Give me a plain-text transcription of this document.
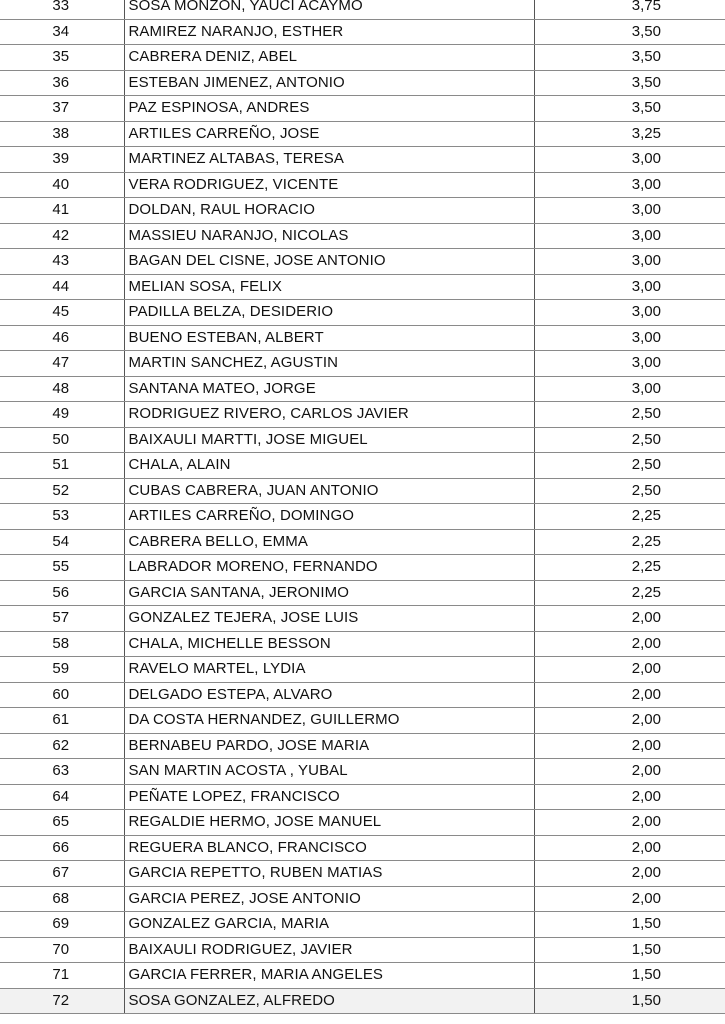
33	SOSA MONZON, YAUCI ACAYMO	3,75
34	RAMIREZ NARANJO, ESTHER	3,50
35	CABRERA DENIZ, ABEL	3,50
36	ESTEBAN JIMENEZ, ANTONIO	3,50
37	PAZ ESPINOSA, ANDRES	3,50
38	ARTILES CARREÑO, JOSE	3,25
39	MARTINEZ ALTABAS, TERESA	3,00
40	VERA RODRIGUEZ, VICENTE	3,00
41	DOLDAN, RAUL HORACIO	3,00
42	MASSIEU NARANJO, NICOLAS	3,00
43	BAGAN DEL CISNE, JOSE ANTONIO	3,00
44	MELIAN SOSA, FELIX	3,00
45	PADILLA BELZA, DESIDERIO	3,00
46	BUENO ESTEBAN, ALBERT	3,00
47	MARTIN SANCHEZ, AGUSTIN	3,00
48	SANTANA MATEO, JORGE	3,00
49	RODRIGUEZ RIVERO, CARLOS JAVIER	2,50
50	BAIXAULI MARTTI, JOSE MIGUEL	2,50
51	CHALA, ALAIN	2,50
52	CUBAS CABRERA, JUAN ANTONIO	2,50
53	ARTILES CARREÑO, DOMINGO	2,25
54	CABRERA BELLO, EMMA	2,25
55	LABRADOR MORENO, FERNANDO	2,25
56	GARCIA SANTANA, JERONIMO	2,25
57	GONZALEZ TEJERA, JOSE LUIS	2,00
58	CHALA, MICHELLE BESSON	2,00
59	RAVELO MARTEL, LYDIA	2,00
60	DELGADO ESTEPA, ALVARO	2,00
61	DA COSTA HERNANDEZ, GUILLERMO	2,00
62	BERNABEU PARDO, JOSE MARIA	2,00
63	SAN MARTIN ACOSTA , YUBAL	2,00
64	PEÑATE LOPEZ, FRANCISCO	2,00
65	REGALDIE HERMO, JOSE MANUEL	2,00
66	REGUERA BLANCO, FRANCISCO	2,00
67	GARCIA REPETTO, RUBEN MATIAS	2,00
68	GARCIA PEREZ, JOSE ANTONIO	2,00
69	GONZALEZ GARCIA, MARIA	1,50
70	BAIXAULI RODRIGUEZ, JAVIER	1,50
71	GARCIA FERRER, MARIA ANGELES	1,50
72	SOSA GONZALEZ, ALFREDO	1,50
